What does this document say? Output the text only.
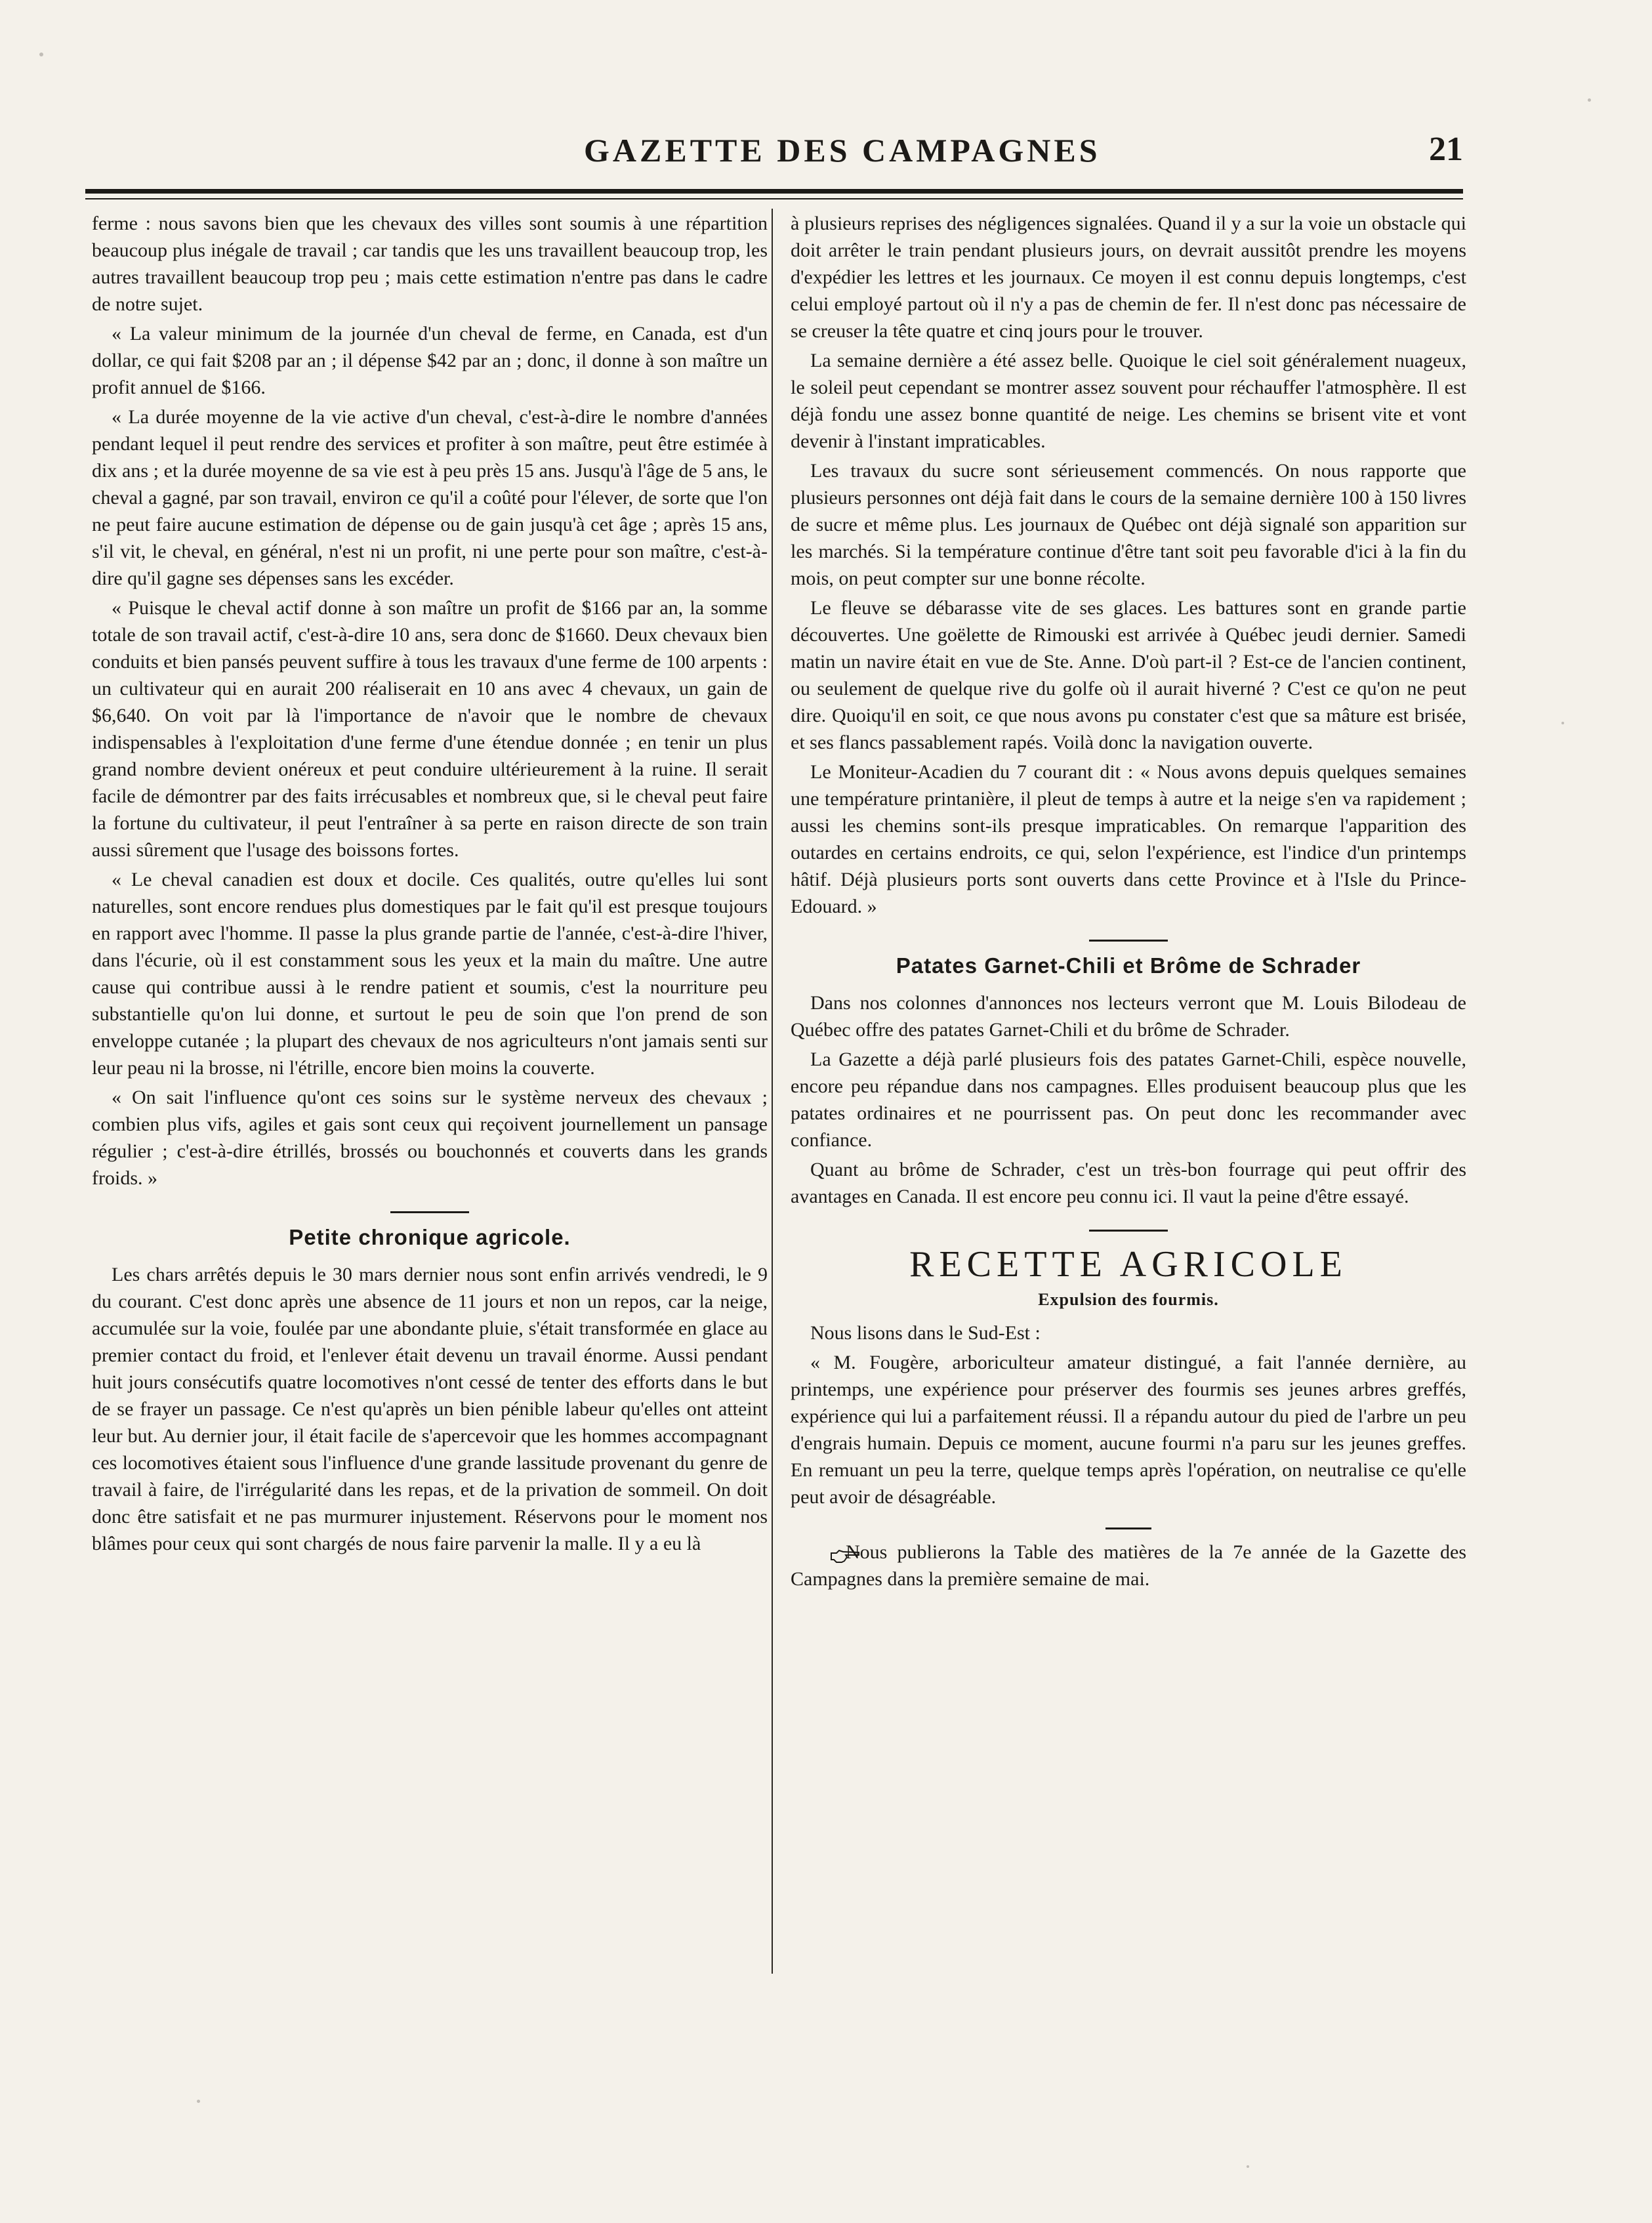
GAZETTE DES CAMPAGNES	21

ferme : nous savons bien que les chevaux des villes sont soumis à une répartition beaucoup plus inégale de travail ; car tandis que les uns travaillent beaucoup trop, les autres travaillent beaucoup trop peu ; mais cette estimation n'entre pas dans le cadre de notre sujet.

« La valeur minimum de la journée d'un cheval de ferme, en Canada, est d'un dollar, ce qui fait $208 par an ; il dépense $42 par an ; donc, il donne à son maître un profit annuel de $166.

« La durée moyenne de la vie active d'un cheval, c'est-à-dire le nombre d'années pendant lequel il peut rendre des services et profiter à son maître, peut être estimée à dix ans ; et la durée moyenne de sa vie est à peu près 15 ans. Jusqu'à l'âge de 5 ans, le cheval a gagné, par son travail, environ ce qu'il a coûté pour l'élever, de sorte que l'on ne peut faire aucune estimation de dépense ou de gain jusqu'à cet âge ; après 15 ans, s'il vit, le cheval, en général, n'est ni un profit, ni une perte pour son maître, c'est-à-dire qu'il gagne ses dépenses sans les excéder.

« Puisque le cheval actif donne à son maître un profit de $166 par an, la somme totale de son travail actif, c'est-à-dire 10 ans, sera donc de $1660. Deux chevaux bien conduits et bien pansés peuvent suffire à tous les travaux d'une ferme de 100 arpents : un cultivateur qui en aurait 200 réaliserait en 10 ans avec 4 chevaux, un gain de $6,640. On voit par là l'importance de n'avoir que le nombre de chevaux indispensables à l'exploitation d'une ferme d'une étendue donnée ; en tenir un plus grand nombre devient onéreux et peut conduire ultérieurement à la ruine. Il serait facile de démontrer par des faits irrécusables et nombreux que, si le cheval peut faire la fortune du cultivateur, il peut l'entraîner à sa perte en raison directe de son train aussi sûrement que l'usage des boissons fortes.

« Le cheval canadien est doux et docile. Ces qualités, outre qu'elles lui sont naturelles, sont encore rendues plus domestiques par le fait qu'il est presque toujours en rapport avec l'homme. Il passe la plus grande partie de l'année, c'est-à-dire l'hiver, dans l'écurie, où il est constamment sous les yeux et la main du maître. Une autre cause qui contribue aussi à le rendre patient et soumis, c'est la nourriture peu substantielle qu'on lui donne, et surtout le peu de soin que l'on prend de son enveloppe cutanée ; la plupart des chevaux de nos agriculteurs n'ont jamais senti sur leur peau ni la brosse, ni l'étrille, encore bien moins la couverte.

« On sait l'influence qu'ont ces soins sur le système nerveux des chevaux ; combien plus vifs, agiles et gais sont ceux qui reçoivent journellement un pansage régulier ; c'est-à-dire étrillés, brossés ou bouchonnés et couverts dans les grands froids. »

Petite chronique agricole.

Les chars arrêtés depuis le 30 mars dernier nous sont enfin arrivés vendredi, le 9 du courant. C'est donc après une absence de 11 jours et non un repos, car la neige, accumulée sur la voie, foulée par une abondante pluie, s'était transformée en glace au premier contact du froid, et l'enlever était devenu un travail énorme. Aussi pendant huit jours consécutifs quatre locomotives n'ont cessé de tenter des efforts dans le but de se frayer un passage. Ce n'est qu'après un bien pénible labeur qu'elles ont atteint leur but. Au dernier jour, il était facile de s'apercevoir que les hommes accompagnant ces locomotives étaient sous l'influence d'une grande lassitude provenant du genre de travail à faire, de l'irrégularité dans les repas, et de la privation de sommeil. On doit donc être satisfait et ne pas murmurer injustement. Réservons pour le moment nos blâmes pour ceux qui sont chargés de nous faire parvenir la malle. Il y a eu là

à plusieurs reprises des négligences signalées. Quand il y a sur la voie un obstacle qui doit arrêter le train pendant plusieurs jours, on devrait aussitôt prendre les moyens d'expédier les lettres et les journaux. Ce moyen il est connu depuis longtemps, c'est celui employé partout où il n'y a pas de chemin de fer. Il n'est donc pas nécessaire de se creuser la tête quatre et cinq jours pour le trouver.

La semaine dernière a été assez belle. Quoique le ciel soit généralement nuageux, le soleil peut cependant se montrer assez souvent pour réchauffer l'atmosphère. Il est déjà fondu une assez bonne quantité de neige. Les chemins se brisent vite et vont devenir à l'instant impraticables.

Les travaux du sucre sont sérieusement commencés. On nous rapporte que plusieurs personnes ont déjà fait dans le cours de la semaine dernière 100 à 150 livres de sucre et même plus. Les journaux de Québec ont déjà signalé son apparition sur les marchés. Si la température continue d'être tant soit peu favorable d'ici à la fin du mois, on peut compter sur une bonne récolte.

Le fleuve se débarasse vite de ses glaces. Les battures sont en grande partie découvertes. Une goëlette de Rimouski est arrivée à Québec jeudi dernier. Samedi matin un navire était en vue de Ste. Anne. D'où part-il ? Est-ce de l'ancien continent, ou seulement de quelque rive du golfe où il aurait hiverné ? C'est ce qu'on ne peut dire. Quoiqu'il en soit, ce que nous avons pu constater c'est que sa mâture est brisée, et ses flancs passablement rapés. Voilà donc la navigation ouverte.

Le Moniteur-Acadien du 7 courant dit : « Nous avons depuis quelques semaines une température printanière, il pleut de temps à autre et la neige s'en va rapidement ; aussi les chemins sont-ils presque impraticables. On remarque l'apparition des outardes en certains endroits, ce qui, selon l'expérience, est l'indice d'un printemps hâtif. Déjà plusieurs ports sont ouverts dans cette Province et à l'Isle du Prince-Edouard. »

Patates Garnet-Chili et Brôme de Schrader

Dans nos colonnes d'annonces nos lecteurs verront que M. Louis Bilodeau de Québec offre des patates Garnet-Chili et du brôme de Schrader.

La Gazette a déjà parlé plusieurs fois des patates Garnet-Chili, espèce nouvelle, encore peu répandue dans nos campagnes. Elles produisent beaucoup plus que les patates ordinaires et ne pourrissent pas. On peut donc les recommander avec confiance.

Quant au brôme de Schrader, c'est un très-bon fourrage qui peut offrir des avantages en Canada. Il est encore peu connu ici. Il vaut la peine d'être essayé.

RECETTE AGRICOLE
Expulsion des fourmis.

Nous lisons dans le Sud-Est :

« M. Fougère, arboriculteur amateur distingué, a fait l'année dernière, au printemps, une expérience pour préserver des fourmis ses jeunes arbres greffés, expérience qui lui a parfaitement réussi. Il a répandu autour du pied de l'arbre un peu d'engrais humain. Depuis ce moment, aucune fourmi n'a paru sur les jeunes greffes. En remuant un peu la terre, quelque temps après l'opération, on neutralise ce qu'elle peut avoir de désagréable.

Nous publierons la Table des matières de la 7e année de la Gazette des Campagnes dans la première semaine de mai.
